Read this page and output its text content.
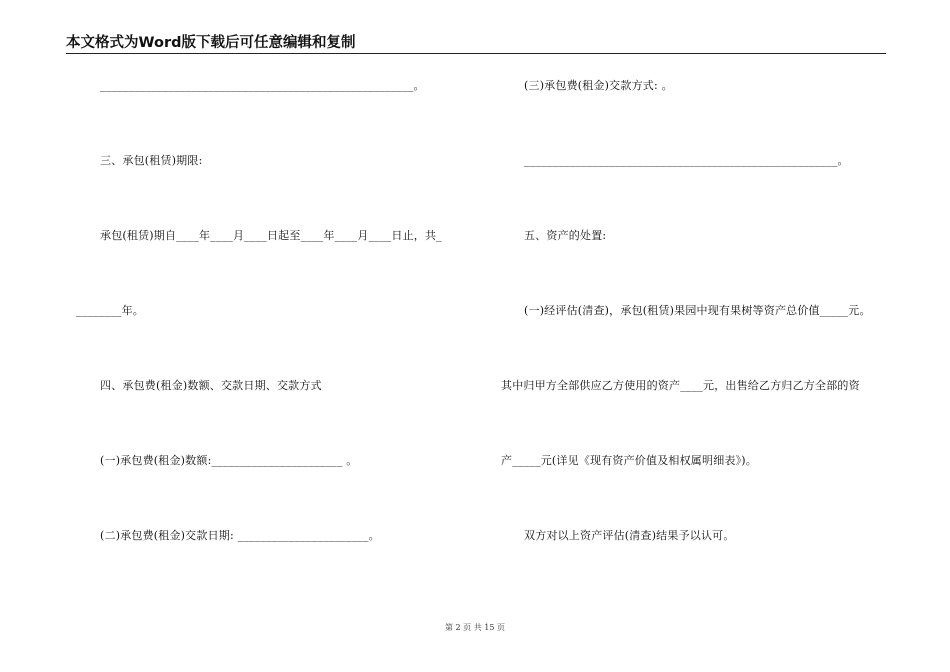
本文格式为Word版下载后可任意编辑和复制
_______________________________________________________。
三、承包(租赁)期限:
承包(租赁)期自____年____月____日起至____年____月____日止，共_
________年。
四、承包费(租金)数额、交款日期、交款方式
(一)承包费(租金)数额:_______________________ 。
(二)承包费(租金)交款日期: _______________________。
(三)承包费(租金)交款方式: 。
_______________________________________________________。
五、资产的处置:
(一)经评估(清查)，承包(租赁)果园中现有果树等资产总价值_____元。
其中归甲方全部供应乙方使用的资产____元，出售给乙方归乙方全部的资
产_____元(详见《现有资产价值及相权属明细表》)。
双方对以上资产评估(清查)结果予以认可。
第 2 页 共 15 页
